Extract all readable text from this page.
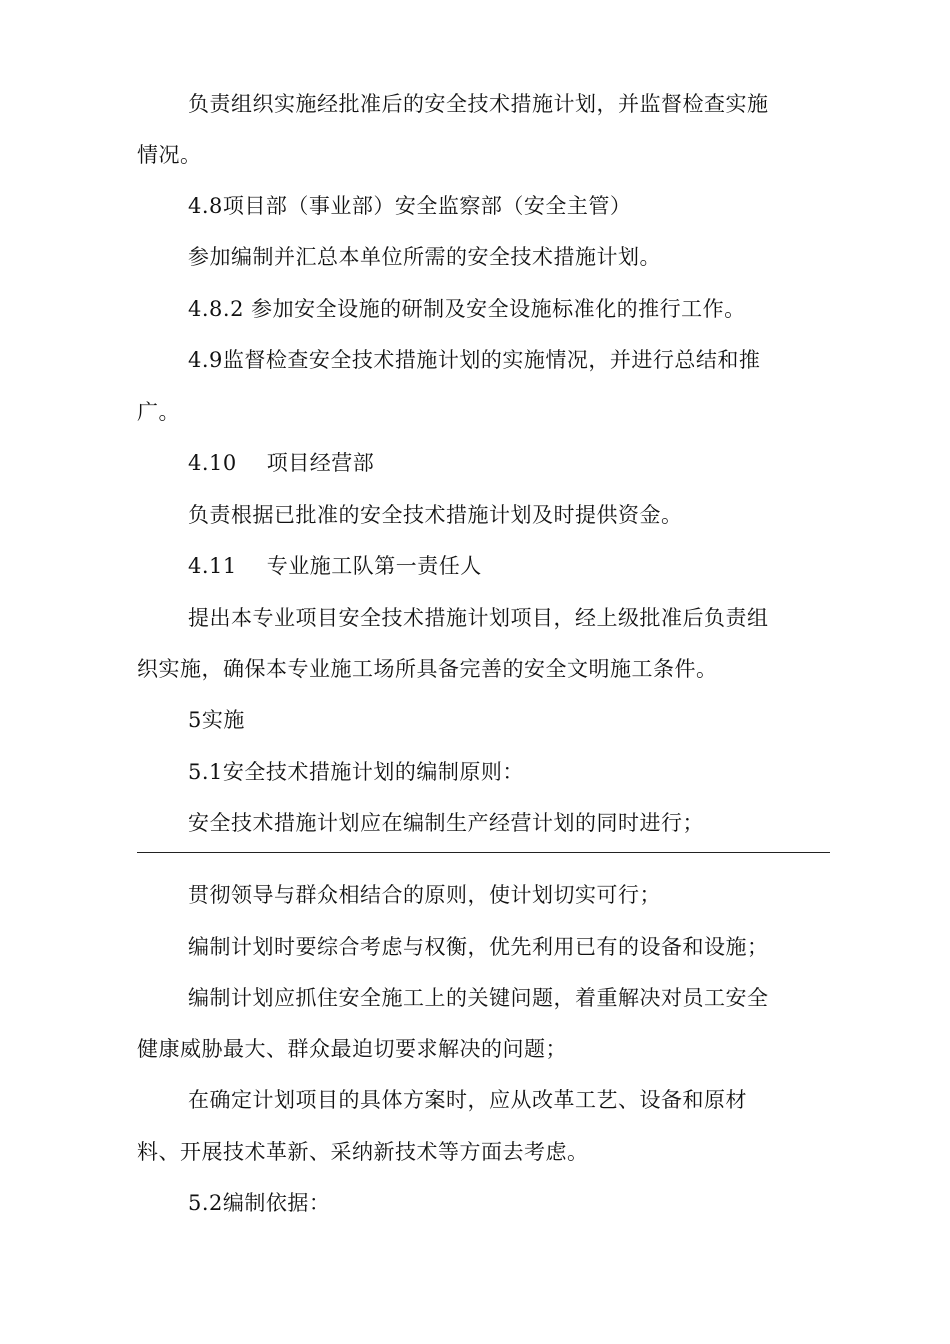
负责组织实施经批准后的安全技术措施计划，并监督检查实施
情况。
4.8项目部（事业部）安全监察部（安全主管）
参加编制并汇总本单位所需的安全技术措施计划。
4.8.2 参加安全设施的研制及安全设施标准化的推行工作。
4.9监督检查安全技术措施计划的实施情况，并进行总结和推
广。
4.10 项目经营部
负责根据已批准的安全技术措施计划及时提供资金。
4.11 专业施工队第一责任人
提出本专业项目安全技术措施计划项目，经上级批准后负责组
织实施，确保本专业施工场所具备完善的安全文明施工条件。
5实施
5.1安全技术措施计划的编制原则：
安全技术措施计划应在编制生产经营计划的同时进行；
贯彻领导与群众相结合的原则，使计划切实可行；
编制计划时要综合考虑与权衡，优先利用已有的设备和设施；
编制计划应抓住安全施工上的关键问题，着重解决对员工安全
健康威胁最大、群众最迫切要求解决的问题；
在确定计划项目的具体方案时，应从改革工艺、设备和原材
料、开展技术革新、采纳新技术等方面去考虑。
5.2编制依据：
